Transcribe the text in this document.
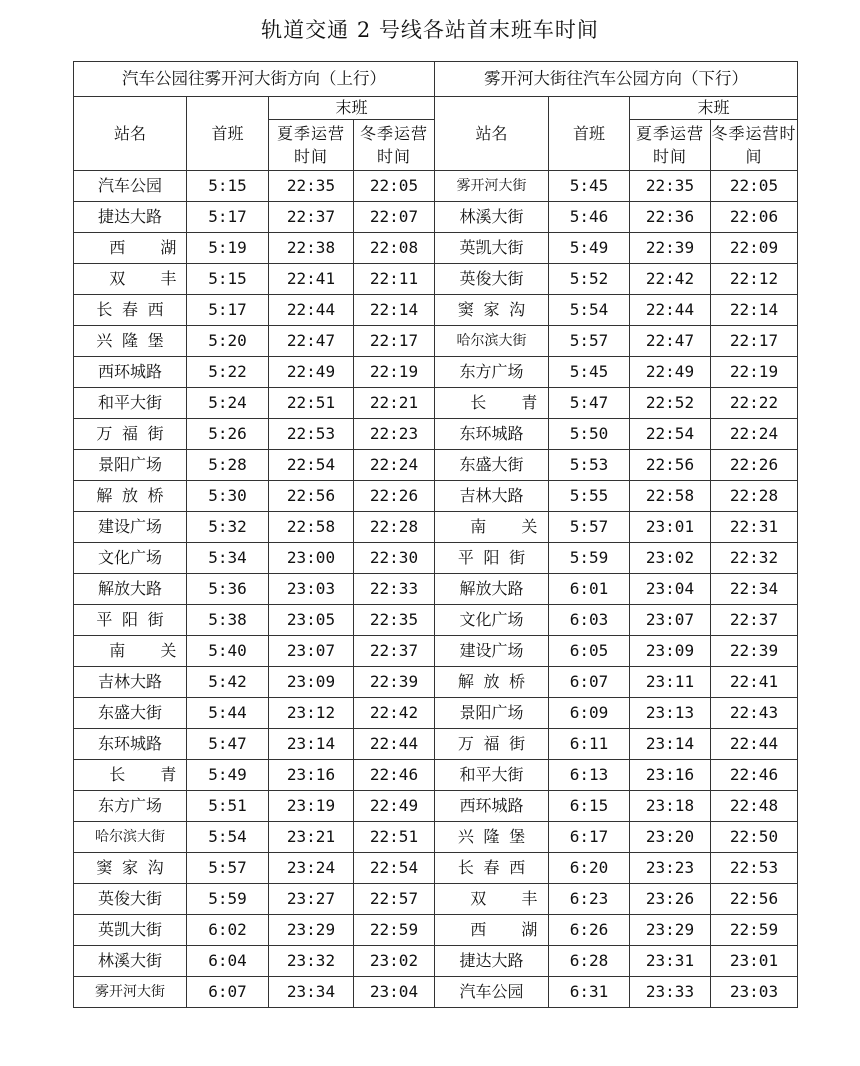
轨道交通 2 号线各站首末班车时间
汽车公园往雾开河大街方向（上行）				雾开河大街往汽车公园方向（下行）			
站名	首班	末班		站名	首班	末班	
		夏季运营时间	冬季运营时间			夏季运营时间	冬季运营时间
汽车公园	5:15	22:35	22:05	雾开河大街	5:45	22:35	22:05
捷达大路	5:17	22:37	22:07	林溪大街	5:46	22:36	22:06
西湖	5:19	22:38	22:08	英凯大街	5:49	22:39	22:09
双丰	5:15	22:41	22:11	英俊大街	5:52	22:42	22:12
长春西	5:17	22:44	22:14	窦家沟	5:54	22:44	22:14
兴隆堡	5:20	22:47	22:17	哈尔滨大街	5:57	22:47	22:17
西环城路	5:22	22:49	22:19	东方广场	5:45	22:49	22:19
和平大街	5:24	22:51	22:21	长青	5:47	22:52	22:22
万福街	5:26	22:53	22:23	东环城路	5:50	22:54	22:24
景阳广场	5:28	22:54	22:24	东盛大街	5:53	22:56	22:26
解放桥	5:30	22:56	22:26	吉林大路	5:55	22:58	22:28
建设广场	5:32	22:58	22:28	南关	5:57	23:01	22:31
文化广场	5:34	23:00	22:30	平阳街	5:59	23:02	22:32
解放大路	5:36	23:03	22:33	解放大路	6:01	23:04	22:34
平阳街	5:38	23:05	22:35	文化广场	6:03	23:07	22:37
南关	5:40	23:07	22:37	建设广场	6:05	23:09	22:39
吉林大路	5:42	23:09	22:39	解放桥	6:07	23:11	22:41
东盛大街	5:44	23:12	22:42	景阳广场	6:09	23:13	22:43
东环城路	5:47	23:14	22:44	万福街	6:11	23:14	22:44
长青	5:49	23:16	22:46	和平大街	6:13	23:16	22:46
东方广场	5:51	23:19	22:49	西环城路	6:15	23:18	22:48
哈尔滨大街	5:54	23:21	22:51	兴隆堡	6:17	23:20	22:50
窦家沟	5:57	23:24	22:54	长春西	6:20	23:23	22:53
英俊大街	5:59	23:27	22:57	双丰	6:23	23:26	22:56
英凯大街	6:02	23:29	22:59	西湖	6:26	23:29	22:59
林溪大街	6:04	23:32	23:02	捷达大路	6:28	23:31	23:01
雾开河大街	6:07	23:34	23:04	汽车公园	6:31	23:33	23:03
